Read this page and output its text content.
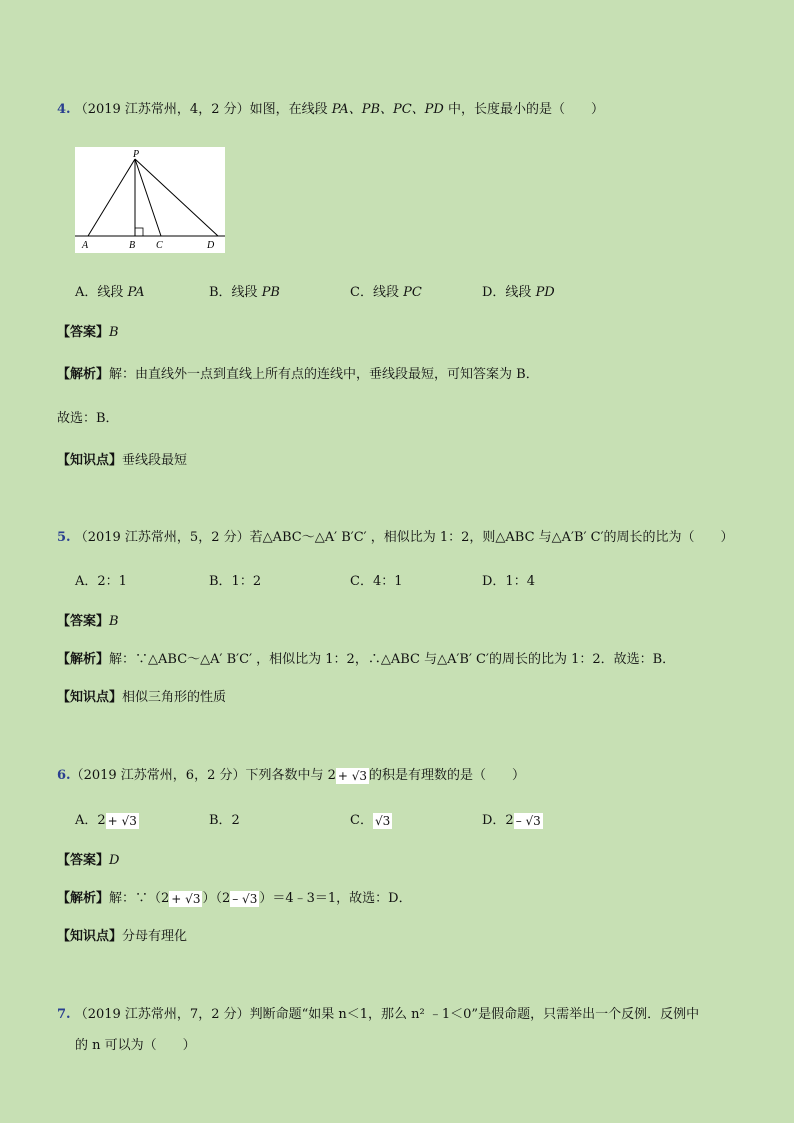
4. （2019 江苏常州，4，2 分）如图，在线段 PA、PB、PC、PD 中，长度最小的是（　　）
P
A	B C	D
A．线段 PA	B．线段 PB	C．线段 PC	D．线段 PD
【答案】B
【解析】解：由直线外一点到直线上所有点的连线中，垂线段最短，可知答案为 B．
故选：B．
【知识点】垂线段最短
5. （2019 江苏常州，5，2 分）若△ABC～△A′ B′C′ ，相似比为 1：2，则△ABC 与△A′B′ C′的周长的比为（　　）
A．2：1	B．1：2	C．4：1	D．1：4
【答案】B
【解析】解：∵△ABC～△A′ B′C′ ，相似比为 1：2，∴△ABC 与△A′B′ C′的周长的比为 1：2．故选：B．
【知识点】相似三角形的性质
6.（2019 江苏常州，6，2 分）下列各数中与 2 + √3 的积是有理数的是（　　）
A．2 + √3	B．2	C． √3	D．2 – √3
【答案】D
【解析】解：∵（2 + √3 ）（2 – √3 ）＝4﹣3＝1，故选：D．
【知识点】分母有理化
7. （2019 江苏常州，7，2 分）判断命题“如果 n＜1，那么 n² ﹣1＜0”是假命题，只需举出一个反例．反例中
的 n 可以为（　　）
